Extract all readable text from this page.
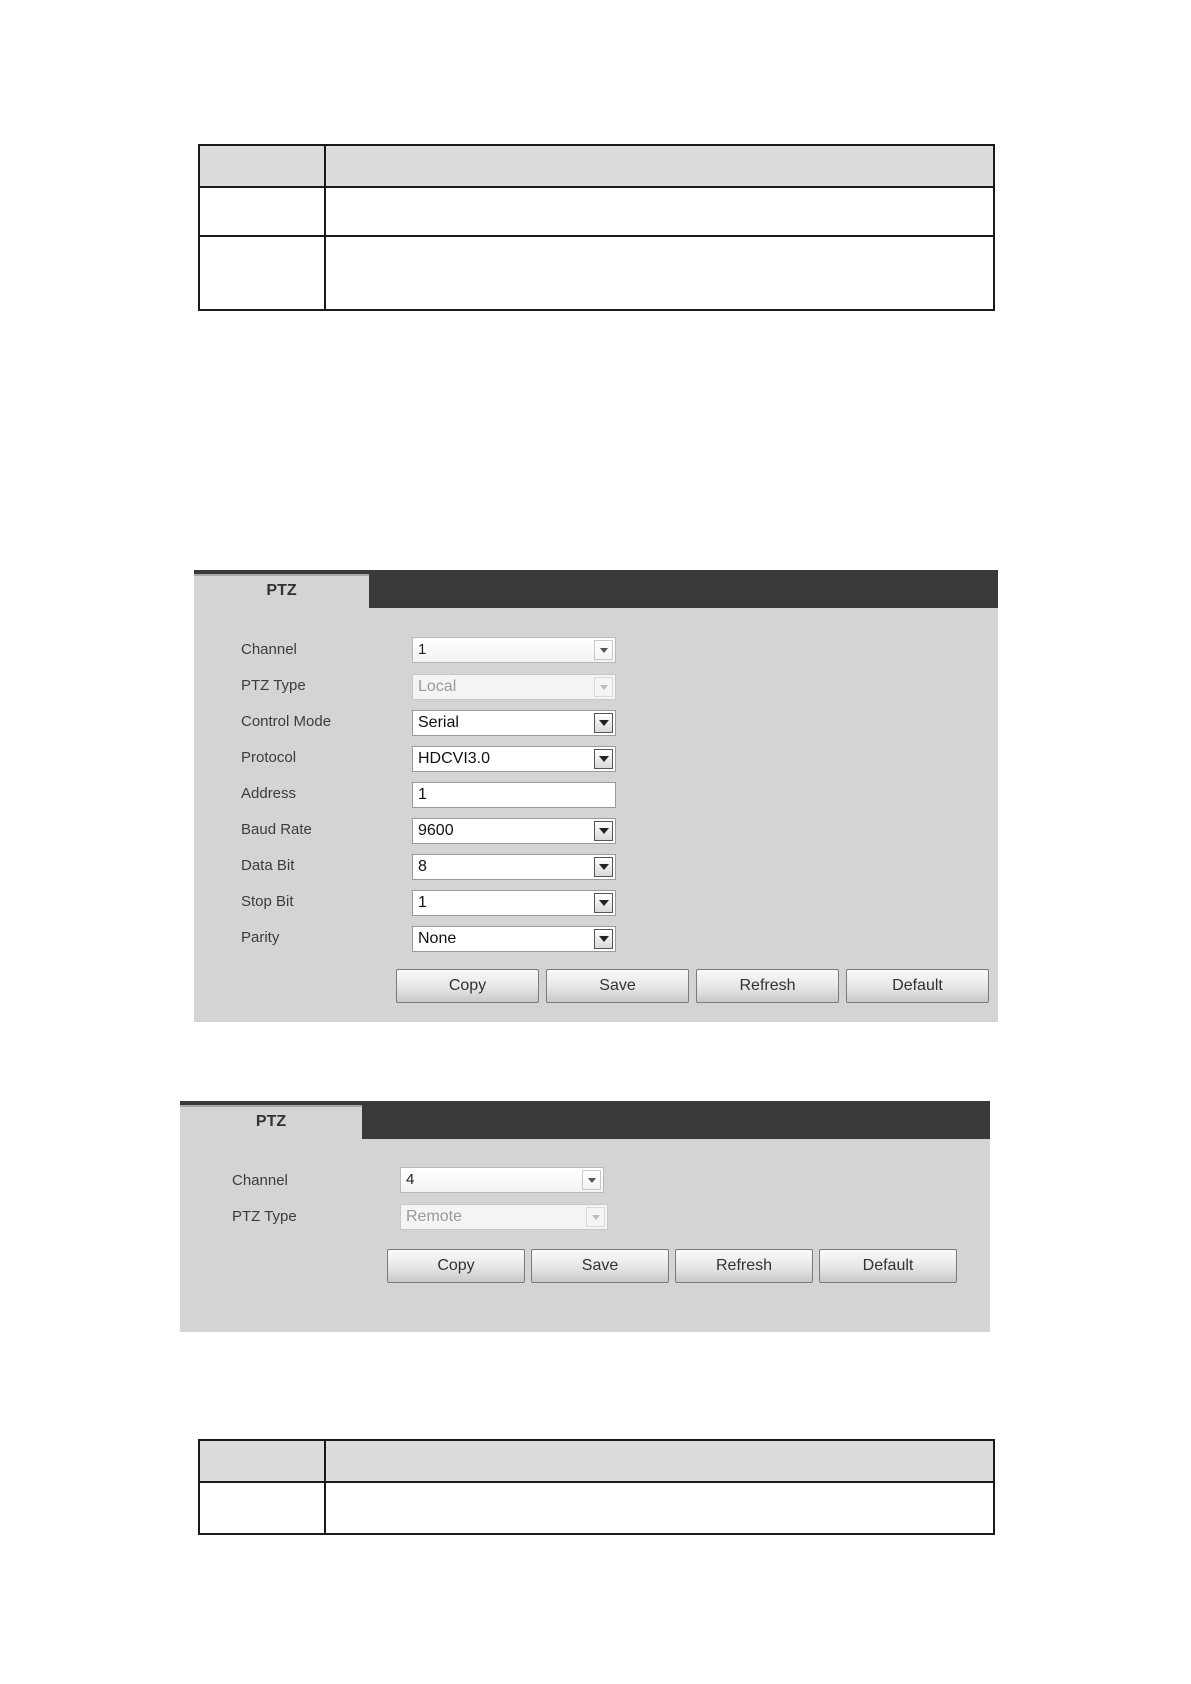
PTZ
Channel	1
PTZ Type	Local
Control Mode	Serial
Protocol	HDCVI3.0
Address	1
Baud Rate	9600
Data Bit	8
Stop Bit	1
Parity	None
Copy	Save	Refresh	Default
PTZ
Channel	4
PTZ Type	Remote
Copy	Save	Refresh	Default
